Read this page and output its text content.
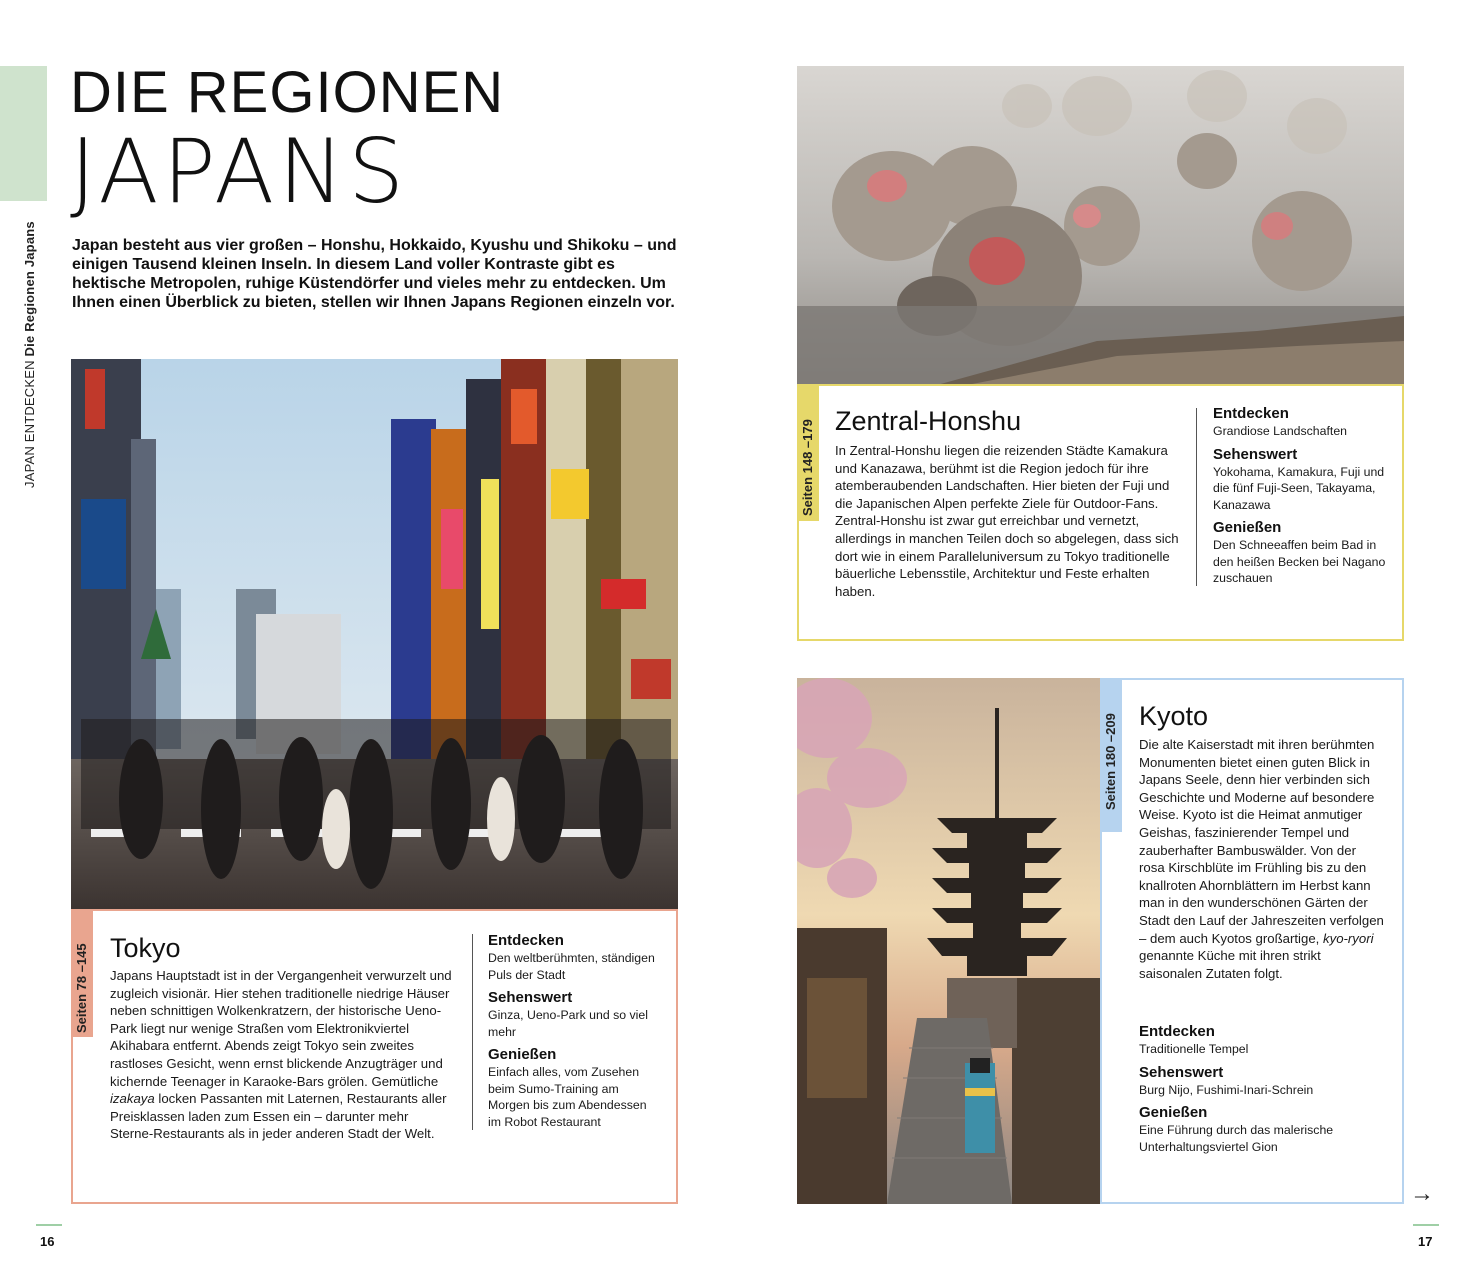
JAPAN ENTDECKEN Die Regionen Japans
DIE REGIONEN
JAPANS
Japan besteht aus vier großen – Honshu, Hokkaido, Kyushu und Shikoku – und einigen Tausend kleinen Inseln. In diesem Land voller Kontraste gibt es hektische Metropolen, ruhige Küstendörfer und vieles mehr zu entdecken. Um Ihnen einen Überblick zu bieten, stellen wir Ihnen Japans Regionen einzeln vor.
Seiten 78 –145 Tokyo
Japans Hauptstadt ist in der Vergangenheit verwurzelt und zugleich visionär. Hier stehen traditionelle niedrige Häuser neben schnittigen Wolkenkratzern, der historische Ueno-Park liegt nur wenige Straßen vom Elektronikviertel Akihabara entfernt. Abends zeigt Tokyo sein zweites rastloses Gesicht, wenn ernst blickende Anzugträger und kichernde Teenager in Karaoke-Bars grölen. Gemütliche izakaya locken Passanten mit Laternen, Restaurants aller Preisklassen laden zum Essen ein – darunter mehr Sterne-Restaurants als in jeder anderen Stadt der Welt.
Entdecken
Den weltberühmten, ständigen Puls der Stadt
Sehenswert
Ginza, Ueno-Park und so viel mehr
Genießen
Einfach alles, vom Zusehen beim Sumo-Training am Morgen bis zum Abendessen im Robot Restaurant
Seiten 148 –179 Zentral-Honshu
In Zentral-Honshu liegen die reizenden Städte Kamakura und Kanazawa, berühmt ist die Region jedoch für ihre atemberaubenden Landschaften. Hier bieten der Fuji und die Japanischen Alpen perfekte Ziele für Outdoor-Fans. Zentral-Honshu ist zwar gut erreichbar und vernetzt, allerdings in manchen Teilen doch so abgelegen, dass sich dort wie in einem Paralleluniversum zu Tokyo traditionelle bäuerliche Lebensstile, Architektur und Feste erhalten haben.
Entdecken
Grandiose Landschaften
Sehenswert
Yokohama, Kamakura, Fuji und die fünf Fuji-Seen, Takayama, Kanazawa
Genießen
Den Schneeaffen beim Bad in den heißen Becken bei Nagano zuschauen
Seiten 180 –209 Kyoto
Die alte Kaiserstadt mit ihren berühmten Monumenten bietet einen guten Blick in Japans Seele, denn hier verbinden sich Geschichte und Moderne auf besondere Weise. Kyoto ist die Heimat anmutiger Geishas, faszinierender Tempel und zauberhafter Bambuswälder. Von der rosa Kirschblüte im Frühling bis zu den knallroten Ahornblättern im Herbst kann man in den wunderschönen Gärten der Stadt den Lauf der Jahreszeiten verfolgen – dem auch Kyotos großartige, kyo-ryori genannte Küche mit ihren strikt saisonalen Zutaten folgt.
Entdecken
Traditionelle Tempel
Sehenswert
Burg Nijo, Fushimi-Inari-Schrein
Genießen
Eine Führung durch das malerische Unterhaltungsviertel Gion
→
16	17
